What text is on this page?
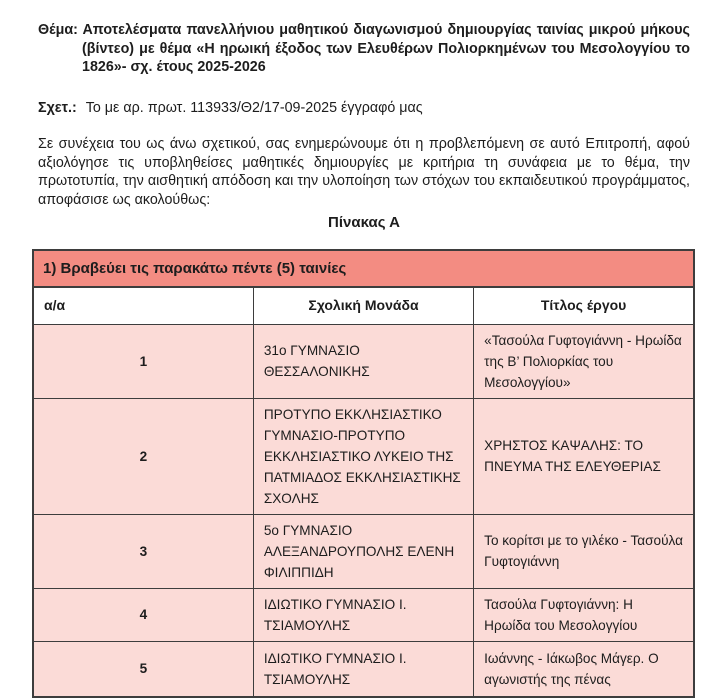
Θέμα: Αποτελέσματα πανελλήνιου μαθητικού διαγωνισμού δημιουργίας ταινίας μικρού μήκους (βίντεο) με θέμα «Η ηρωική έξοδος των Ελευθέρων Πολιορκημένων του Μεσολογγίου το 1826»- σχ. έτους 2025-2026

Σχετ.: Το με αρ. πρωτ. 113933/Θ2/17-09-2025 έγγραφό μας

Σε συνέχεια του ως άνω σχετικού, σας ενημερώνουμε ότι η προβλεπόμενη σε αυτό Επιτροπή, αφού αξιολόγησε τις υποβληθείσες μαθητικές δημιουργίες με κριτήρια τη συνάφεια με το θέμα, την πρωτοτυπία, την αισθητική απόδοση και την υλοποίηση των στόχων του εκπαιδευτικού προγράμματος, αποφάσισε ως ακολούθως:

Πίνακας Α
1) Βραβεύει τις παρακάτω πέντε (5) ταινίες		
α/α	Σχολική Μονάδα	Τίτλος έργου
1	31ο ΓΥΜΝΑΣΙΟ ΘΕΣΣΑΛΟΝΙΚΗΣ	«Τασούλα Γυφτογιάννη - Ηρωίδα της Β’ Πολιορκίας του Μεσολογγίου»
2	ΠΡΟΤΥΠΟ ΕΚΚΛΗΣΙΑΣΤΙΚΟ ΓΥΜΝΑΣΙΟ-ΠΡΟΤΥΠΟ ΕΚΚΛΗΣΙΑΣΤΙΚΟ ΛΥΚΕΙΟ ΤΗΣ ΠΑΤΜΙΑΔΟΣ ΕΚΚΛΗΣΙΑΣΤΙΚΗΣ ΣΧΟΛΗΣ	ΧΡΗΣΤΟΣ ΚΑΨΑΛΗΣ: ΤΟ ΠΝΕΥΜΑ ΤΗΣ ΕΛΕΥΘΕΡΙΑΣ
3	5ο ΓΥΜΝΑΣΙΟ ΑΛΕΞΑΝΔΡΟΥΠΟΛΗΣ ΕΛΕΝΗ ΦΙΛΙΠΠΙΔΗ	Το κορίτσι με το γιλέκο - Τασούλα Γυφτογιάννη
4	ΙΔΙΩΤΙΚΟ ΓΥΜΝΑΣΙΟ Ι. ΤΣΙΑΜΟΥΛΗΣ	Τασούλα Γυφτογιάννη: Η Ηρωίδα του Μεσολογγίου
5	ΙΔΙΩΤΙΚΟ ΓΥΜΝΑΣΙΟ Ι. ΤΣΙΑΜΟΥΛΗΣ	Ιωάννης - Ιάκωβος Μάγερ. Ο αγωνιστής της πένας
